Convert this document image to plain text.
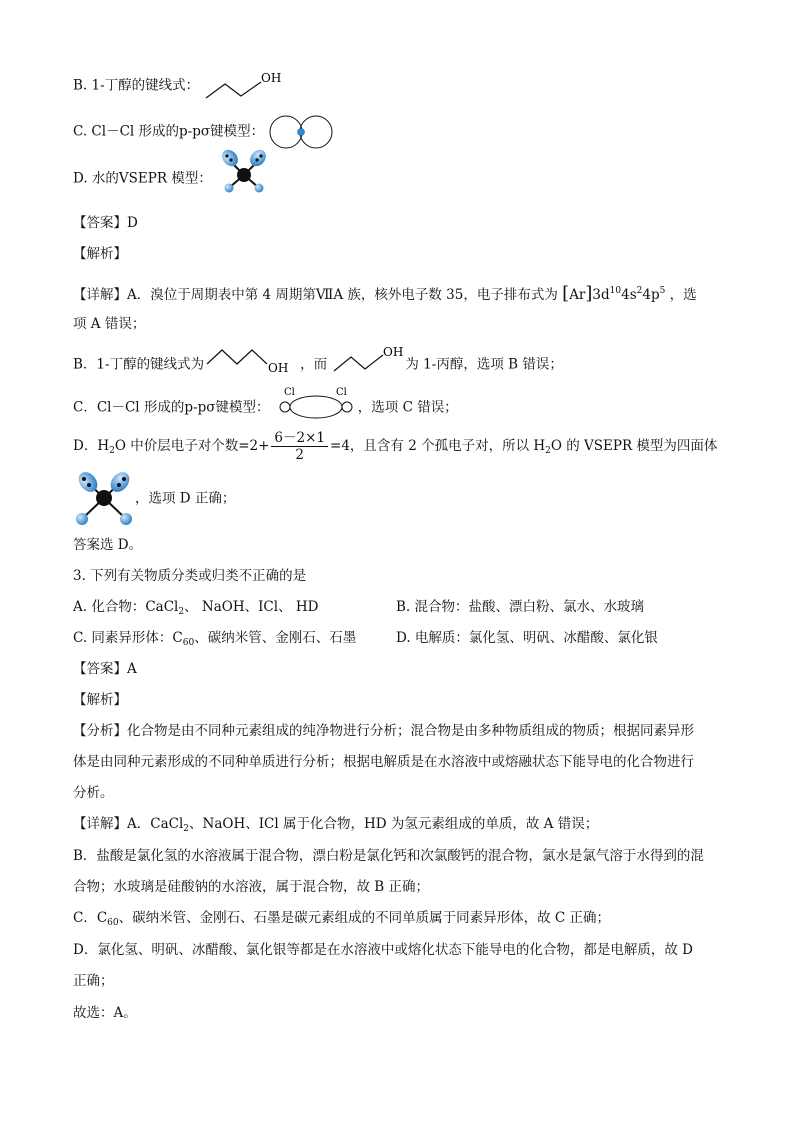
B. 1-丁醇的键线式：	OH
C. Cl－Cl 形成的p-pσ键模型：
D. 水的VSEPR 模型：
【答案】D
【解析】
【详解】A．溴位于周期表中第 4 周期第ⅦA 族，核外电子数 35，电子排布式为 $[Ar]3d^{10}4s^24p^5$ ，选
项 A 错误；
B．1-丁醇的键线式为	OH ，而
OH
为 1-丙醇，选项 B 错误；
C．Cl－Cl 形成的p-pσ键模型：
Cl	Cl
，选项 C 错误；
D．$H_2O$ 中价层电子对个数$=2+ \frac{6-2\times 1}{2} =4$，且含有 2 个孤电子对，所以 $H_2O$ 的 VSEPR 模型为四面体
，选项 D 正确；
答案选 D。
3. 下列有关物质分类或归类不正确的是
A. 化合物：CaCl$_2$、 NaOH、ICl、 HD	B. 混合物：盐酸、漂白粉、氯水、水玻璃
C. 同素异形体：$C_{60}$、碳纳米管、金刚石、石墨	D. 电解质：氯化氢、明矾、冰醋酸、氯化银
【答案】A
【解析】
【分析】化合物是由不同种元素组成的纯净物进行分析；混合物是由多种物质组成的物质；根据同素异形
体是由同种元素形成的不同种单质进行分析；根据电解质是在水溶液中或熔融状态下能导电的化合物进行
分析。
【详解】A．CaCl$_2$、NaOH、ICl 属于化合物，HD 为氢元素组成的单质，故 A 错误；
B．盐酸是氯化氢的水溶液属于混合物，漂白粉是氯化钙和次氯酸钙的混合物，氯水是氯气溶于水得到的混
合物；水玻璃是硅酸钠的水溶液，属于混合物，故 B 正确；
C．$C_{60}$、碳纳米管、金刚石、石墨是碳元素组成的不同单质属于同素异形体，故 C 正确；
D．氯化氢、明矾、冰醋酸、氯化银等都是在水溶液中或熔化状态下能导电的化合物，都是电解质，故 D
正确；
故选：A。
